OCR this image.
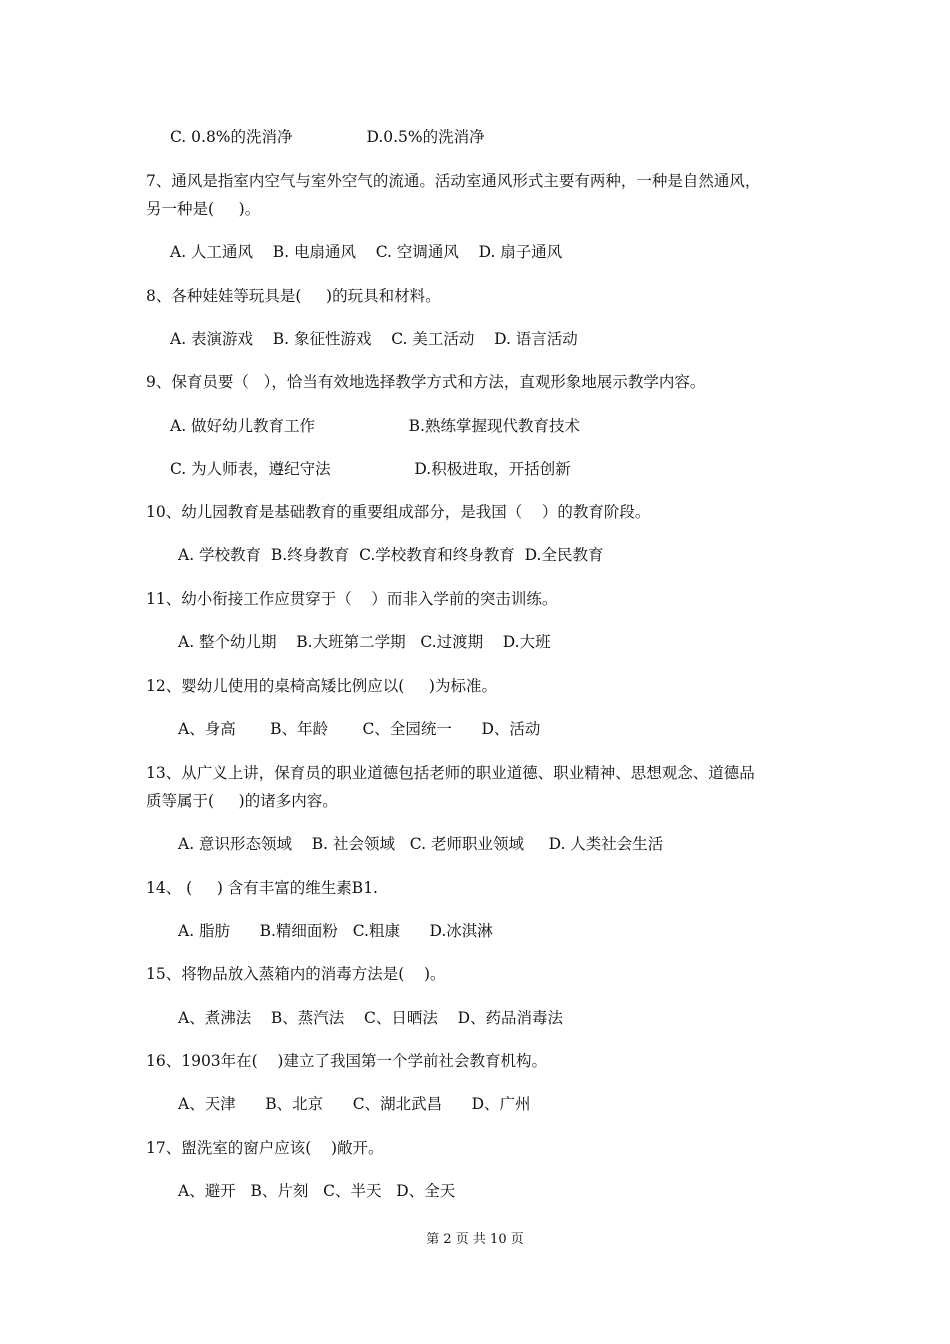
C. 0.8%的洗消净               D.0.5%的洗消净
7、通风是指室内空气与室外空气的流通。活动室通风形式主要有两种，一种是自然通风，
另一种是(     )。
A. 人工通风    B. 电扇通风    C. 空调通风    D. 扇子通风
8、各种娃娃等玩具是(     )的玩具和材料。
A. 表演游戏    B. 象征性游戏    C. 美工活动    D. 语言活动
9、保育员要（   ），恰当有效地选择教学方式和方法，直观形象地展示教学内容。
A. 做好幼儿教育工作                   B.熟练掌握现代教育技术
C. 为人师表，遵纪守法                 D.积极进取，开括创新
10、幼儿园教育是基础教育的重要组成部分，是我国（    ）的教育阶段。
A. 学校教育  B.终身教育  C.学校教育和终身教育  D.全民教育
11、幼小衔接工作应贯穿于（    ）而非入学前的突击训练。
A. 整个幼儿期    B.大班第二学期   C.过渡期    D.大班
12、婴幼儿使用的桌椅高矮比例应以(     )为标准。
A、身高       B、年龄       C、全园统一      D、活动
13、从广义上讲，保育员的职业道德包括老师的职业道德、职业精神、思想观念、道德品
质等属于(     )的诸多内容。
A. 意识形态领域    B. 社会领域   C. 老师职业领域     D. 人类社会生活
14、 (     ) 含有丰富的维生素B1.
A. 脂肪      B.精细面粉   C.粗康      D.冰淇淋
15、将物品放入蒸箱内的消毒方法是(    )。
A、煮沸法    B、蒸汽法    C、日晒法    D、药品消毒法
16、1903年在(    )建立了我国第一个学前社会教育机构。
A、天津      B、北京      C、湖北武昌      D、广州
17、盥洗室的窗户应该(    )敞开。
A、避开   B、片刻   C、半天   D、全天
第 2 页 共 10 页
